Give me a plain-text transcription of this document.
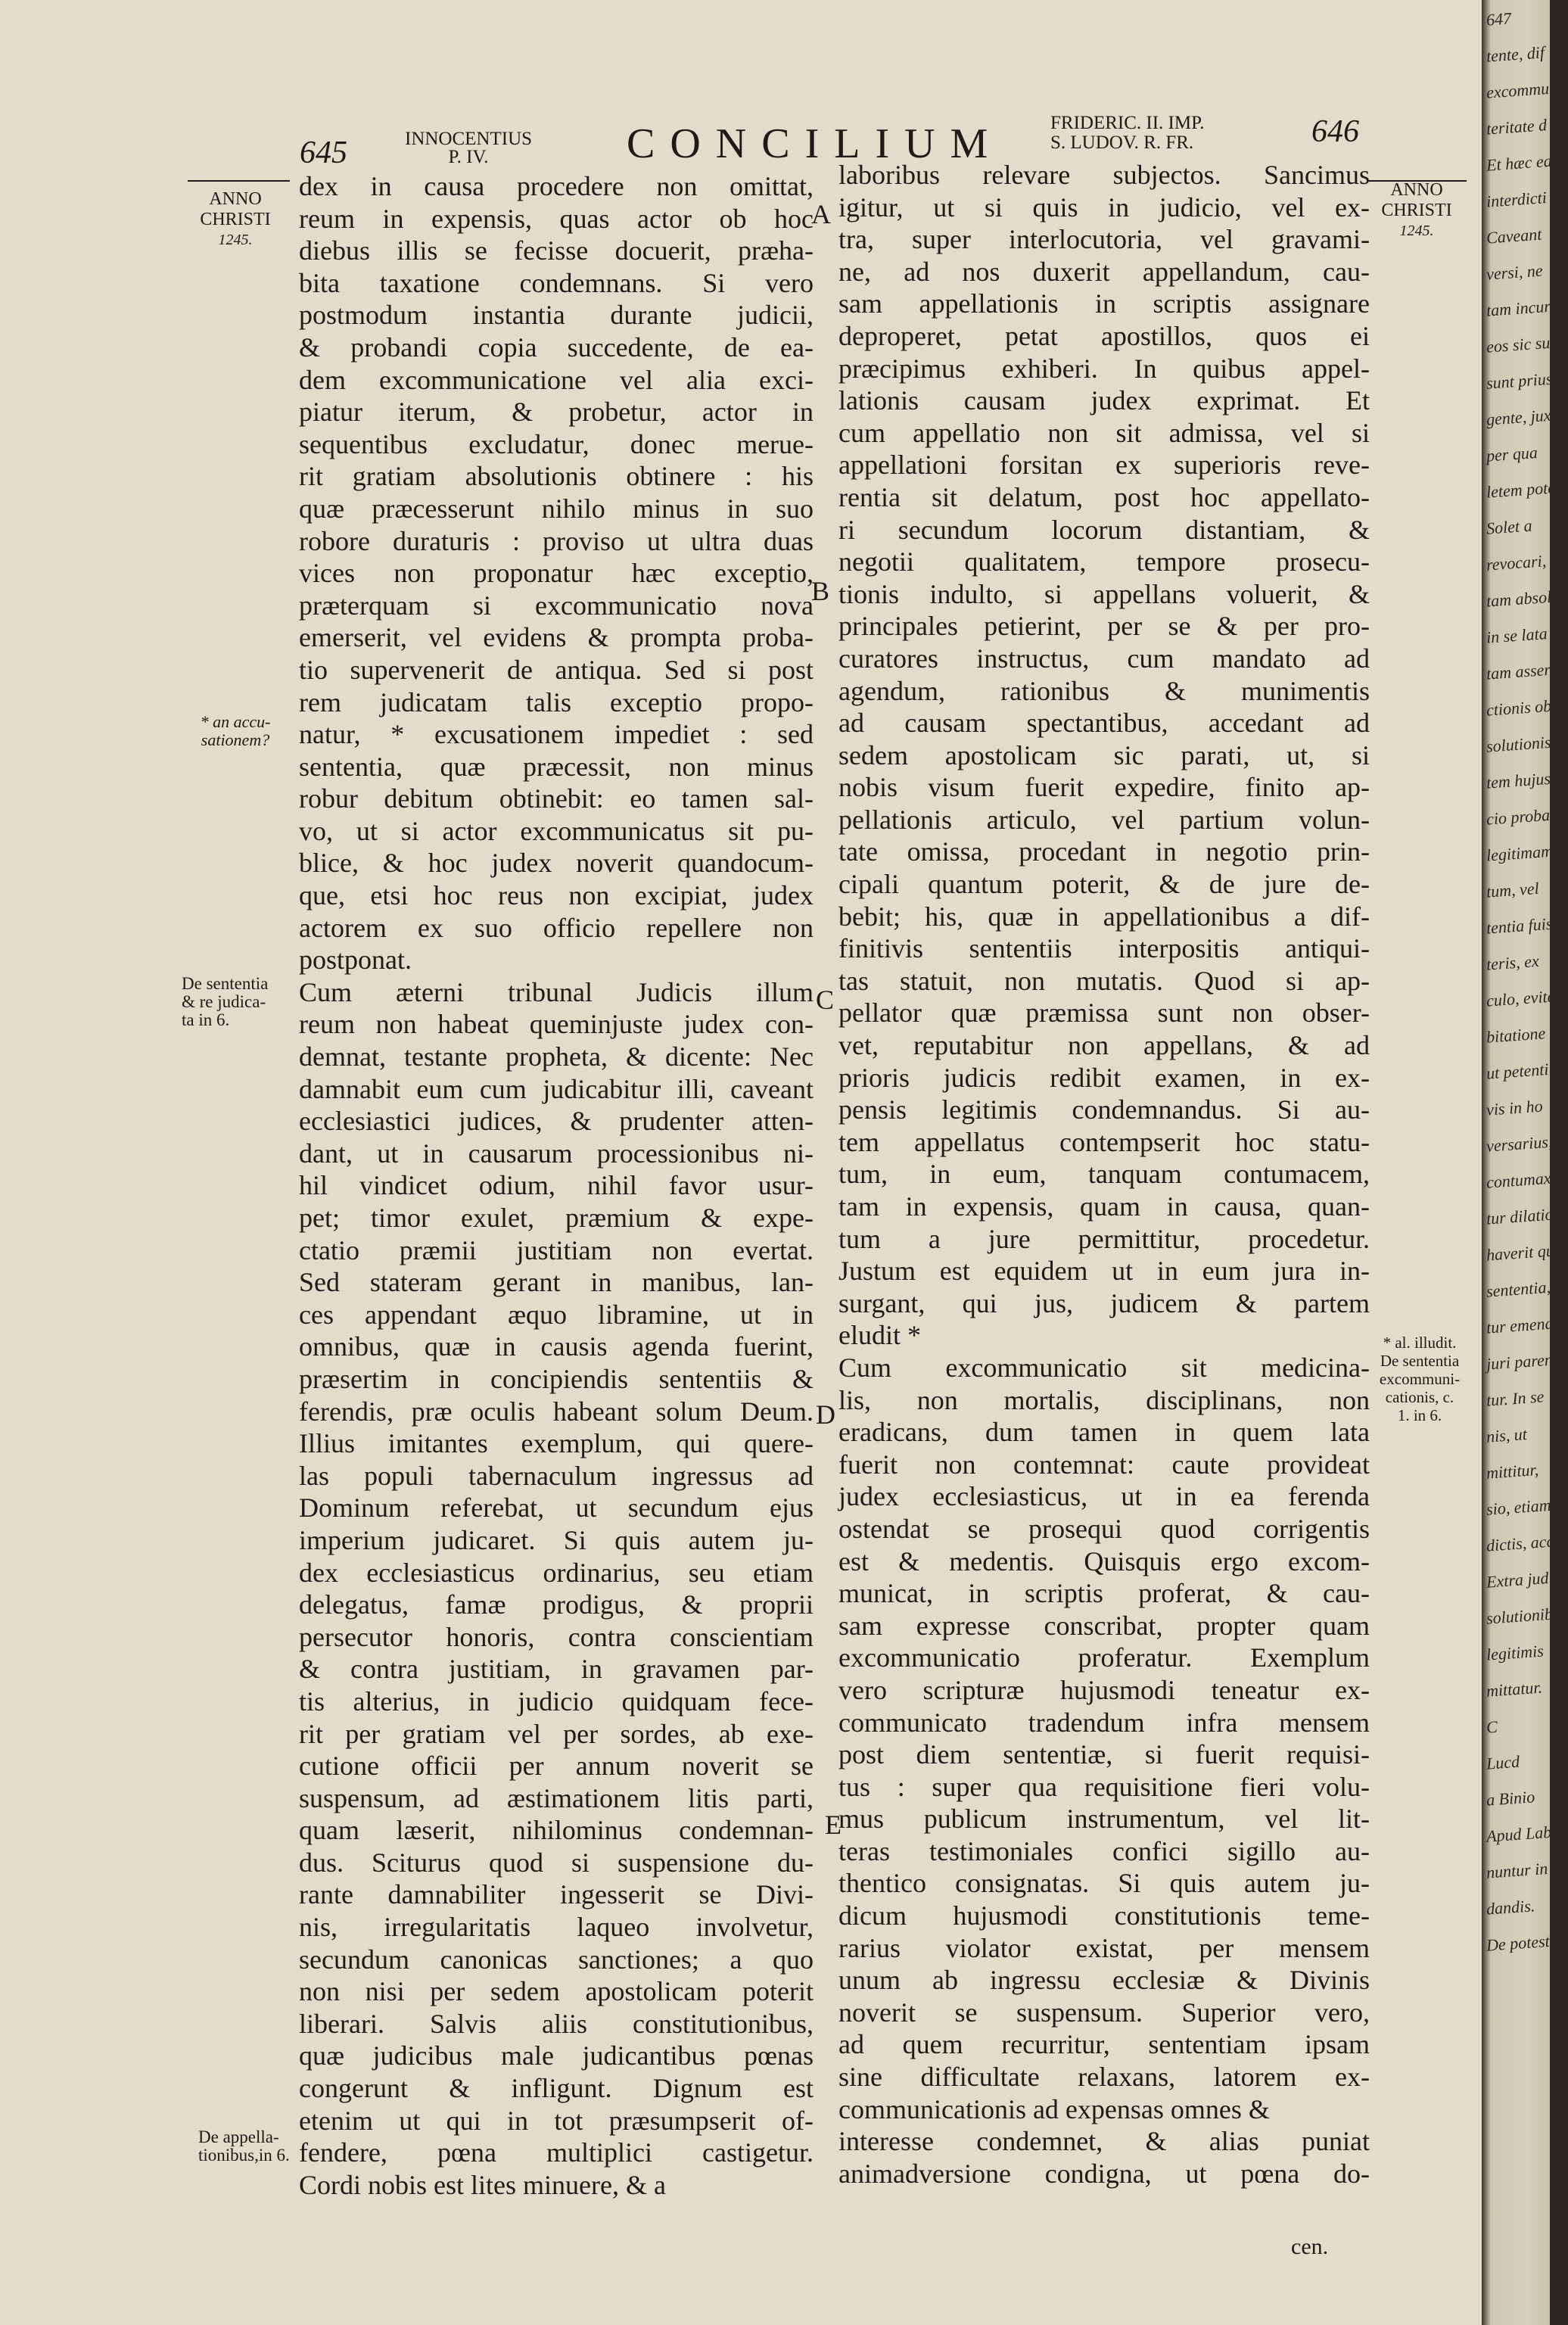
645	INNOCENTIUS
P. IV.	CONCILIUM	FRIDERIC. II. IMP.
S. LUDOV. R. FR.	646
ANNO
CHRISTI
1245.
* an accu-
sationem?
De sententia
& re judica-
ta in 6.
De appella-
tionibus,in 6.
ANNO
CHRISTI
1245.
* al. illudit.
De sententia
excommuni-
cationis, c.
1. in 6.
A
B
C
D
E

dex in causa procedere non omittat,

reum in expensis, quas actor ob hoc

diebus illis se fecisse docuerit, præha-

bita taxatione condemnans. Si vero

postmodum instantia durante judicii,

& probandi copia succedente, de ea-

dem excommunicatione vel alia exci-

piatur iterum, & probetur, actor in

sequentibus excludatur, donec merue-

rit gratiam absolutionis obtinere : his

quæ præcesserunt nihilo minus in suo

robore duraturis : proviso ut ultra duas

vices non proponatur hæc exceptio,

præterquam si excommunicatio nova

emerserit, vel evidens & prompta proba-

tio supervenerit de antiqua. Sed si post

rem judicatam talis exceptio propo-

natur, * excusationem impediet : sed

sententia, quæ præcessit, non minus

robur debitum obtinebit: eo tamen sal-

vo, ut si actor excommunicatus sit pu-

blice, & hoc judex noverit quandocum-

que, etsi hoc reus non excipiat, judex

actorem ex suo officio repellere non

postponat.

Cum æterni tribunal Judicis illum

reum non habeat queminjuste judex con-

demnat, testante propheta, & dicente: Nec

damnabit eum cum judicabitur illi, caveant

ecclesiastici judices, & prudenter atten-

dant, ut in causarum processionibus ni-

hil vindicet odium, nihil favor usur-

pet; timor exulet, præmium & expe-

ctatio præmii justitiam non evertat.

Sed stateram gerant in manibus, lan-

ces appendant æquo libramine, ut in

omnibus, quæ in causis agenda fuerint,

præsertim in concipiendis sententiis &

ferendis, præ oculis habeant solum Deum.

Illius imitantes exemplum, qui quere-

las populi tabernaculum ingressus ad

Dominum referebat, ut secundum ejus

imperium judicaret. Si quis autem ju-

dex ecclesiasticus ordinarius, seu etiam

delegatus, famæ prodigus, & proprii

persecutor honoris, contra conscientiam

& contra justitiam, in gravamen par-

tis alterius, in judicio quidquam fece-

rit per gratiam vel per sordes, ab exe-

cutione officii per annum noverit se

suspensum, ad æstimationem litis parti,

quam læserit, nihilominus condemnan-

dus. Sciturus quod si suspensione du-

rante damnabiliter ingesserit se Divi-

nis, irregularitatis laqueo involvetur,

secundum canonicas sanctiones; a quo

non nisi per sedem apostolicam poterit

liberari. Salvis aliis constitutionibus,

quæ judicibus male judicantibus pœnas

congerunt & infligunt. Dignum est

etenim ut qui in tot præsumpserit of-

fendere, pœna multiplici castigetur.

Cordi nobis est lites minuere, & a

laboribus relevare subjectos. Sancimus

igitur, ut si quis in judicio, vel ex-

tra, super interlocutoria, vel gravami-

ne, ad nos duxerit appellandum, cau-

sam appellationis in scriptis assignare

deproperet, petat apostillos, quos ei

præcipimus exhiberi. In quibus appel-

lationis causam judex exprimat. Et

cum appellatio non sit admissa, vel si

appellationi forsitan ex superioris reve-

rentia sit delatum, post hoc appellato-

ri secundum locorum distantiam, &

negotii qualitatem, tempore prosecu-

tionis indulto, si appellans voluerit, &

principales petierint, per se & per pro-

curatores instructus, cum mandato ad

agendum, rationibus & munimentis

ad causam spectantibus, accedant ad

sedem apostolicam sic parati, ut, si

nobis visum fuerit expedire, finito ap-

pellationis articulo, vel partium volun-

tate omissa, procedant in negotio prin-

cipali quantum poterit, & de jure de-

bebit; his, quæ in appellationibus a dif-

finitivis sententiis interpositis antiqui-

tas statuit, non mutatis. Quod si ap-

pellator quæ præmissa sunt non obser-

vet, reputabitur non appellans, & ad

prioris judicis redibit examen, in ex-

pensis legitimis condemnandus. Si au-

tem appellatus contempserit hoc statu-

tum, in eum, tanquam contumacem,

tam in expensis, quam in causa, quan-

tum a jure permittitur, procedetur.

Justum est equidem ut in eum jura in-

surgant, qui jus, judicem & partem

eludit *

Cum excommunicatio sit medicina-

lis, non mortalis, disciplinans, non

eradicans, dum tamen in quem lata

fuerit non contemnat: caute provideat

judex ecclesiasticus, ut in ea ferenda

ostendat se prosequi quod corrigentis

est & medentis. Quisquis ergo excom-

municat, in scriptis proferat, & cau-

sam expresse conscribat, propter quam

excommunicatio proferatur. Exemplum

vero scripturæ hujusmodi teneatur ex-

communicato tradendum infra mensem

post diem sententiæ, si fuerit requisi-

tus : super qua requisitione fieri volu-

mus publicum instrumentum, vel lit-

teras testimoniales confici sigillo au-

thentico consignatas. Si quis autem ju-

dicum hujusmodi constitutionis teme-

rarius violator existat, per mensem

unum ab ingressu ecclesiæ & Divinis

noverit se suspensum. Superior vero,

ad quem recurritur, sententiam ipsam

sine difficultate relaxans, latorem ex-

communicationis ad expensas omnes &

interesse condemnet, & alias puniat

animadversione condigna, ut pœna do-

cen.
647
tente, dif
excommur
teritate d
Et hæc ea
interdicti
Caveant
versi, ne
tam incur
eos sic sul
sunt prius
gente, jux
per qua
letem pote
Solet a
revocari,
tam absol
in se lata
tam asser
ctionis ob
solutionis
tem hujus
cio probat
legitimam
tum, vel
tentia fuis
teris, ex
culo, evite
bitatione
ut petenti
vis in ho
versarius,
contumax
tur dilatio
haverit qu
sententia,
tur emend
juri paren
tur. In se
nis, ut
mittitur,
sio, etiam
dictis, acc
Extra jud
solutionib
legitimis
mittatur.
C
Lucd
a Binio
Apud Labbe
nuntur in C
dandis.
De potesta
